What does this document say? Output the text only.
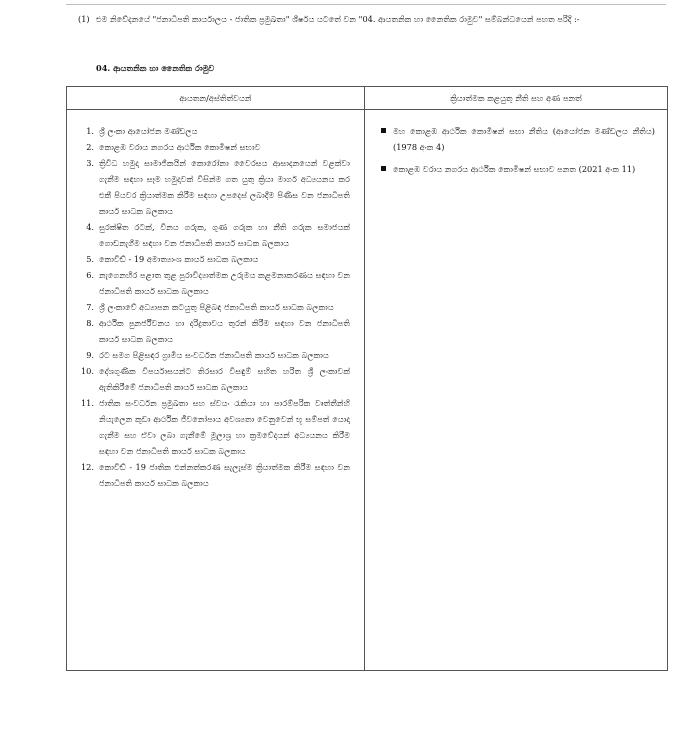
(1) එම නිවේදනයේ "ජනාධිපති කාර්යාලය - ජාතික ප්‍රමුඛතා" ශීර්ෂය යටතේ වන "04. ආයතනික හා නෛතික රාමුව" සම්බන්ධයෙන් පහත පරිදි :-
04. ආයතනික හා නෛතික රාමුව
ආයතන/අස්තිත්වයන්	ක්‍රියාත්මක කළයුතු නීති සහ අණ පනත්
1. ශ්‍රී ලංකා ආයෝජන මණ්ඩලය
2. කොළඹ වරාය නගරය ආර්ථික කොමිෂන් සභාව
3. ත්‍රිවිධ හමුදා සාමාජිකයින් කොරෝනා වෛරසය ආසාදනයෙන් වළක්වා ගැනීම සඳහා සෑම හමුදාවක් විසින්ම ගත යුතු ක්‍රියා මාර්ග අධ්‍යයනය කර එකී පියවර ක්‍රියාත්මක කිරීම සඳහා උපදෙස් ලබාදීම පිණිස වන ජනාධිපති කාර්ය සාධක බලකාය
4. සුරක්ෂිත රටක්, විනය ගරුක, ගුණ ගරුක හා නීති ගරුක සමාජයක් ගොඩනැගීම සඳහා වන ජනාධිපති කාර්ය සාධක බලකාය
5. කොවිඩ් - 19 අමාත්‍යාංශ කාර්ය සාධක බලකාය
6. නැගෙනහිර පළාත තුළ පුරාවිද්‍යාත්මක උරුමය කළමනාකරණය සඳහා වන ජනාධිපති කාර්ය සාධක බලකාය
7. ශ්‍රී ලංකාවේ අධ්‍යාපන කටයුතු පිළිබඳ ජනාධිපති කාර්ය සාධක බලකාය
8. ආර්ථික පුනර්ජීවනය හා දරිද්‍රතාවය තුරන් කිරීම සඳහා වන ජනාධිපති කාර්ය සාධක බලකාය
9. රට සමග පිළිසඳර ග්‍රාමීය සංවර්ධන ජනාධිපති කාර්ය සාධක බලකාය
10. දේශගුණික විපර්යාසයන්ට තිරසාර විසඳුම් සහිත හරිත ශ්‍රී ලංකාවක් ඇතිකිරීමේ ජනාධිපති කාර්ය සාධක බලකාය
11. ජාතික සංවර්ධන ප්‍රමුඛතා සහ ස්වයං රැකියා හා පාරම්පරික වෘත්තීන්හි නියැලෙන කුඩා ආර්ථික ජීවනෝපාය අවශ්‍යතා වෙනුවෙන් භූ සම්පත් යොදා ගැනීම සහ ඒවා ලබා ගැනීමේ මූලාශ්‍ර හා ක්‍රමවේදයන් අධ්‍යයනය කිරීම සඳහා වන ජනාධිපති කාර්ය සාධක බලකාය
12. කොවිඩ් - 19 ජාතික එන්නත්කරණ සැලැස්ම ක්‍රියාත්මක කිරීම සඳහා වන ජනාධිපති කාර්ය සාධක බලකාය
මහ කොළඹ ආර්ථික කොමිෂන් සභා නීතිය (ආයෝජන මණ්ඩලය නීතිය) (1978 අංක 4)
කොළඹ වරාය නගරය ආර්ථික කොමිෂන් සභාව පනත (2021 අංක 11)
